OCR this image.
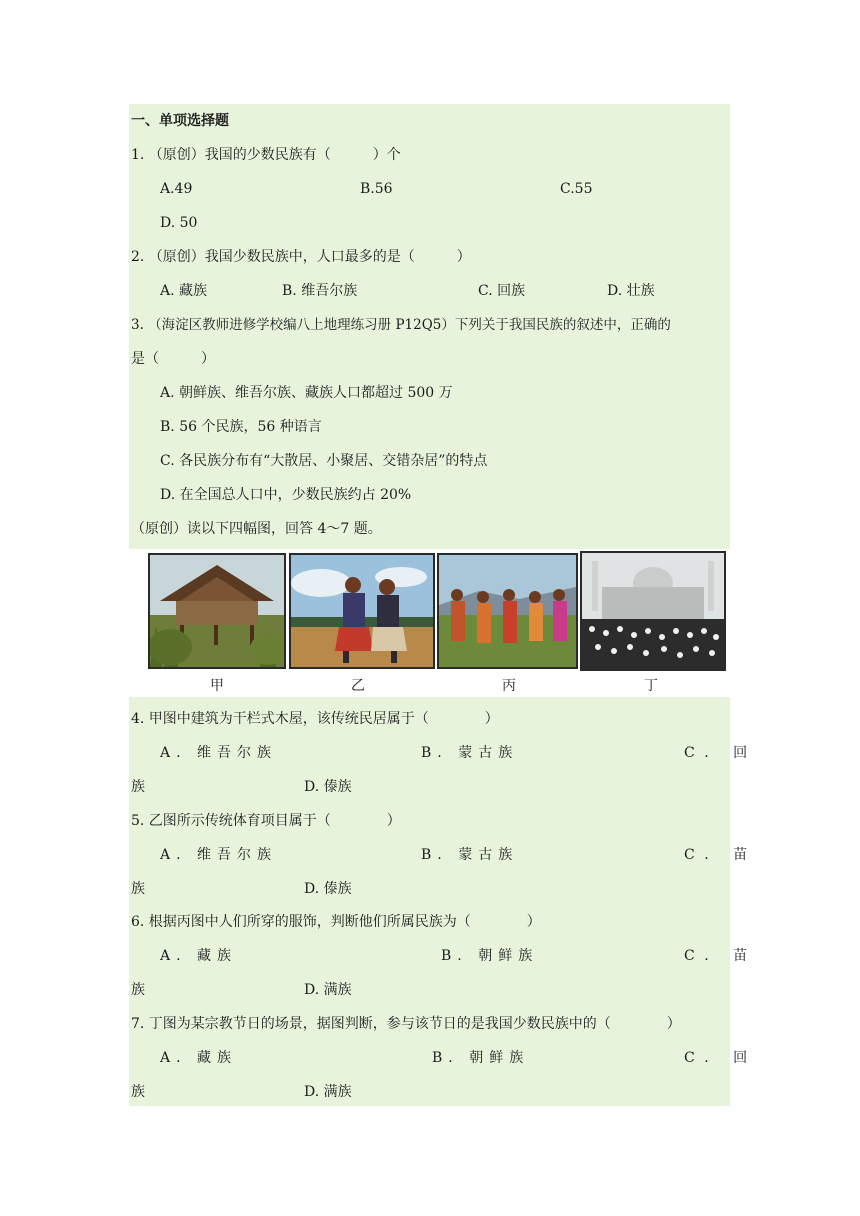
一、单项选择题
1. （原创）我国的少数民族有（　　　）个
A.49	B.56	C.55
D. 50
2. （原创）我国少数民族中，人口最多的是（　　　）
A. 藏族	B. 维吾尔族	C. 回族	D. 壮族
3. （海淀区教师进修学校编八上地理练习册 P12Q5）下列关于我国民族的叙述中，正确的
是（　　　）
A. 朝鲜族、维吾尔族、藏族人口都超过 500 万
B. 56 个民族，56 种语言
C. 各民族分布有“大散居、小聚居、交错杂居”的特点
D. 在全国总人口中，少数民族约占 20%
（原创）读以下四幅图，回答 4～7 题。
甲	乙	丙	丁
4. 甲图中建筑为干栏式木屋，该传统民居属于（　　　　）
A. 维吾尔族	B. 蒙古族	C. 回
族	D. 傣族
5. 乙图所示传统体育项目属于（　　　　）
A. 维吾尔族	B. 蒙古族	C. 苗
族	D. 傣族
6. 根据丙图中人们所穿的服饰，判断他们所属民族为（　　　　）
A. 藏族	B. 朝鲜族	C. 苗
族	D. 满族
7. 丁图为某宗教节日的场景，据图判断，参与该节日的是我国少数民族中的（　　　　）
A. 藏族	B. 朝鲜族	C. 回
族	D. 满族
